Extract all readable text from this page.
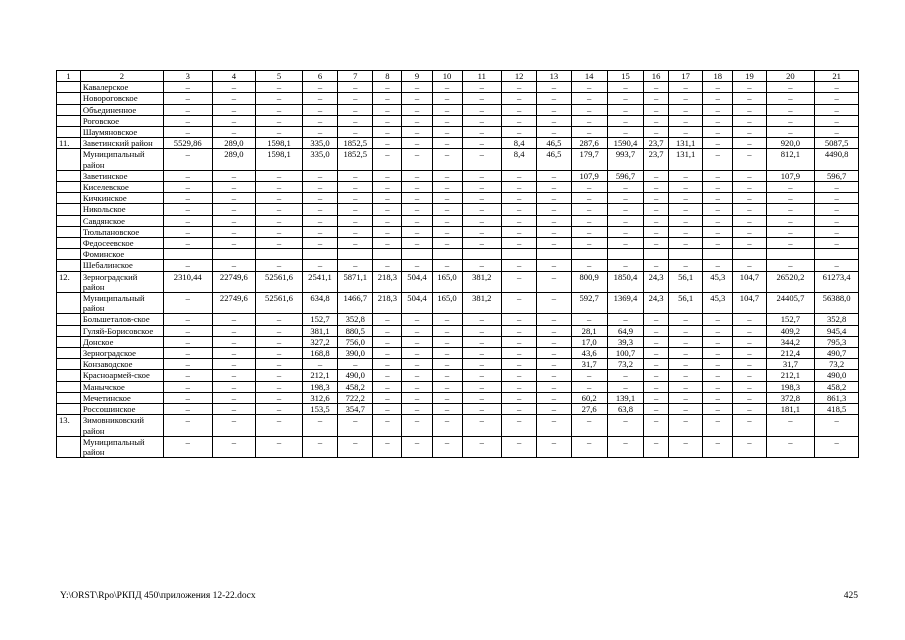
1	2	3	4	5	6	7	8	9	10	11	12	13	14	15	16	17	18	19	20	21
	Кавалерское	–	–	–	–	–	–	–	–	–	–	–	–	–	–	–	–	–	–	–
	Новороговское	–	–	–	–	–	–	–	–	–	–	–	–	–	–	–	–	–	–	–
	Объединенное	–	–	–	–	–	–	–	–	–	–	–	–	–	–	–	–	–	–	–
	Роговское	–	–	–	–	–	–	–	–	–	–	–	–	–	–	–	–	–	–	–
	Шаумяновское	–	–	–	–	–	–	–	–	–	–	–	–	–	–	–	–	–	–	–
11.	Заветинский район	5529,86	289,0	1598,1	335,0	1852,5	–	–	–	–	8,4	46,5	287,6	1590,4	23,7	131,1	–	–	920,0	5087,5
	Муниципальный район	–	289,0	1598,1	335,0	1852,5	–	–	–	–	8,4	46,5	179,7	993,7	23,7	131,1	–	–	812,1	4490,8
	Заветинское	–	–	–	–	–	–	–	–	–	–	–	107,9	596,7	–	–	–	–	107,9	596,7
	Киселевское	–	–	–	–	–	–	–	–	–	–	–	–	–	–	–	–	–	–	–
	Кичкинское	–	–	–	–	–	–	–	–	–	–	–	–	–	–	–	–	–	–	–
	Никольское	–	–	–	–	–	–	–	–	–	–	–	–	–	–	–	–	–	–	–
	Савдянское	–	–	–	–	–	–	–	–	–	–	–	–	–	–	–	–	–	–	–
	Тюльпановское	–	–	–	–	–	–	–	–	–	–	–	–	–	–	–	–	–	–	–
	Федосеевское	–	–	–	–	–	–	–	–	–	–	–	–	–	–	–	–	–	–	–
	Фоминское																			
	Шебалинское	–	–	–	–	–	–	–	–	–	–	–	–	–	–	–	–	–	–	–
12.	Зерноградский район	2310,44	22749,6	52561,6	2541,1	5871,1	218,3	504,4	165,0	381,2	–	–	800,9	1850,4	24,3	56,1	45,3	104,7	26520,2	61273,4
	Муниципальный район	–	22749,6	52561,6	634,8	1466,7	218,3	504,4	165,0	381,2	–	–	592,7	1369,4	24,3	56,1	45,3	104,7	24405,7	56388,0
	Большеталов-ское	–	–	–	152,7	352,8	–	–	–	–	–	–	–	–	–	–	–	–	152,7	352,8
	Гуляй-Борисовское	–	–	–	381,1	880,5	–	–	–	–	–	–	28,1	64,9	–	–	–	–	409,2	945,4
	Донское	–	–	–	327,2	756,0	–	–	–	–	–	–	17,0	39,3	–	–	–	–	344,2	795,3
	Зерноградское	–	–	–	168,8	390,0	–	–	–	–	–	–	43,6	100,7	–	–	–	–	212,4	490,7
	Конзаводское	–	–	–	–	–	–	–	–	–	–	–	31,7	73,2	–	–	–	–	31,7	73,2
	Красноармей-ское	–	–	–	212,1	490,0	–	–	–	–	–	–	–	–	–	–	–	–	212,1	490,0
	Манычское	–	–	–	198,3	458,2	–	–	–	–	–	–	–	–	–	–	–	–	198,3	458,2
	Мечетинское	–	–	–	312,6	722,2	–	–	–	–	–	–	60,2	139,1	–	–	–	–	372,8	861,3
	Россошинское	–	–	–	153,5	354,7	–	–	–	–	–	–	27,6	63,8	–	–	–	–	181,1	418,5
13.	Зимовниковский район	–	–	–	–	–	–	–	–	–	–	–	–	–	–	–	–	–	–	–
	Муниципальный район	–	–	–	–	–	–	–	–	–	–	–	–	–	–	–	–	–	–	–
Y:\ORST\Rpo\РКПД 450\приложения 12-22.docx	425
